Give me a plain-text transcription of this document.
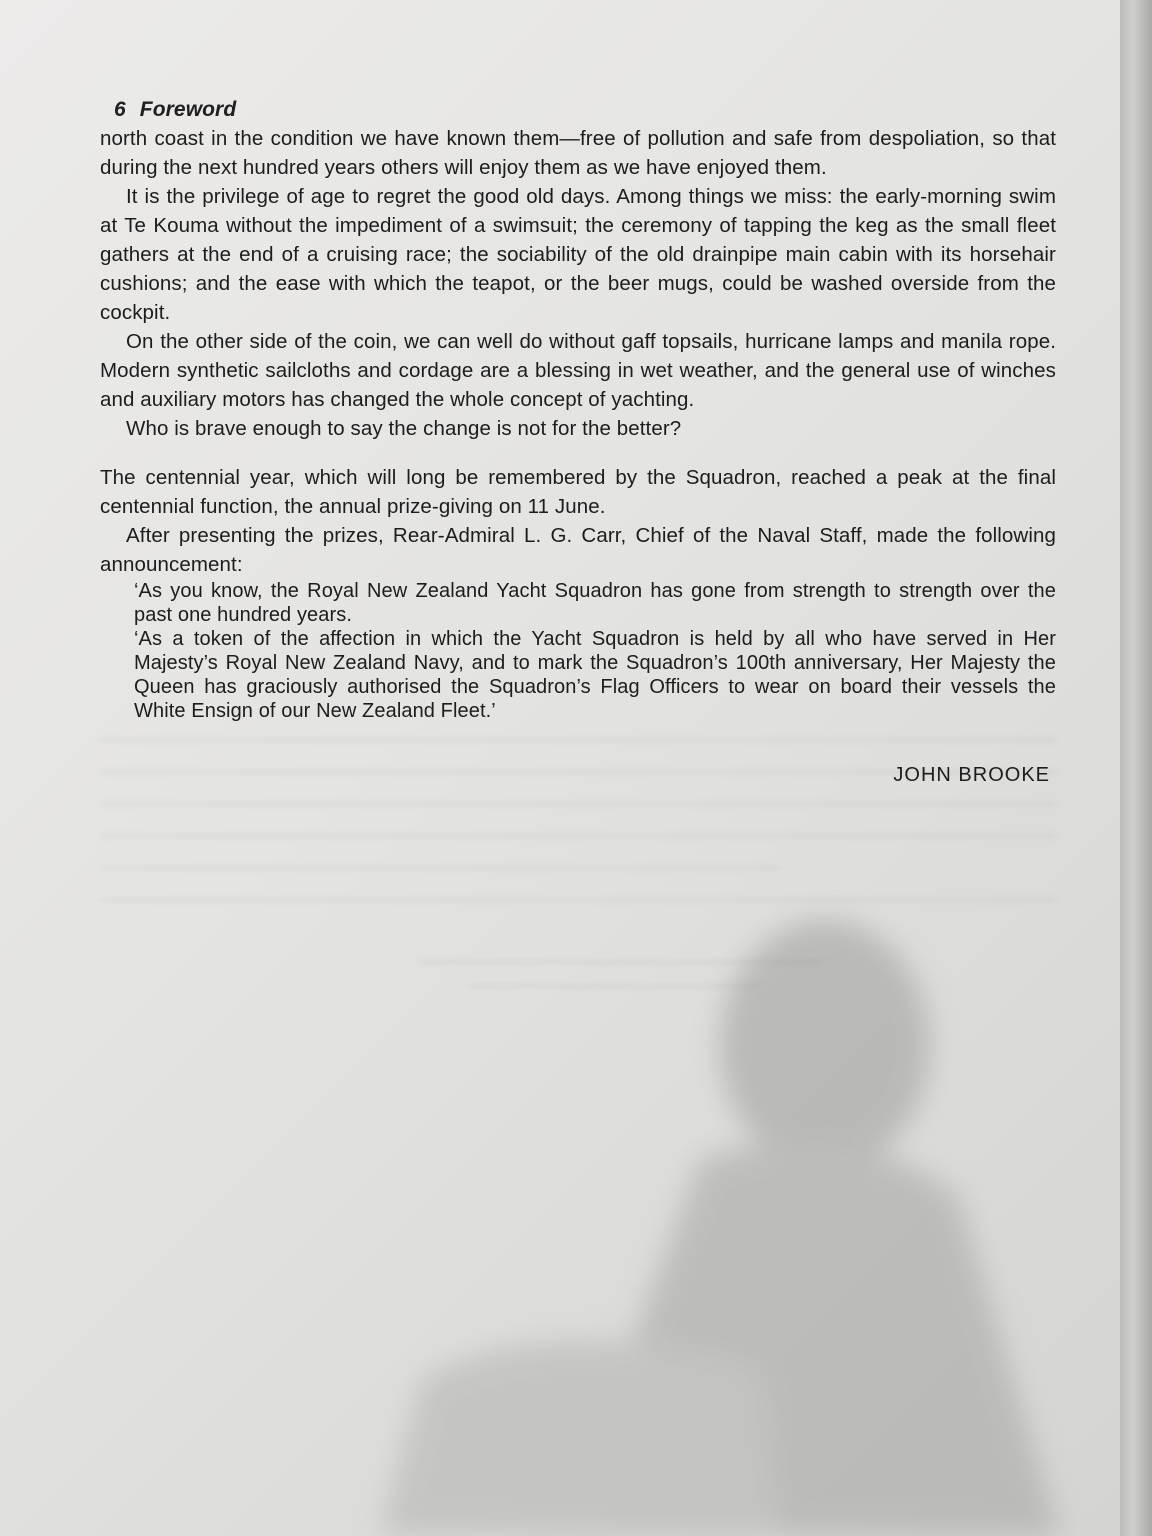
6 Foreword

north coast in the condition we have known them—free of pollution and safe from despoliation, so that during the next hundred years others will enjoy them as we have enjoyed them.

It is the privilege of age to regret the good old days. Among things we miss: the early-morning swim at Te Kouma without the impediment of a swimsuit; the ceremony of tapping the keg as the small fleet gathers at the end of a cruising race; the sociability of the old drainpipe main cabin with its horsehair cushions; and the ease with which the teapot, or the beer mugs, could be washed overside from the cockpit.

On the other side of the coin, we can well do without gaff topsails, hurricane lamps and manila rope. Modern synthetic sailcloths and cordage are a blessing in wet weather, and the general use of winches and auxiliary motors has changed the whole concept of yachting.

Who is brave enough to say the change is not for the better?

The centennial year, which will long be remembered by the Squadron, reached a peak at the final centennial function, the annual prize-giving on 11 June.

After presenting the prizes, Rear-Admiral L. G. Carr, Chief of the Naval Staff, made the following announcement:

‘As you know, the Royal New Zealand Yacht Squadron has gone from strength to strength over the past one hundred years.

‘As a token of the affection in which the Yacht Squadron is held by all who have served in Her Majesty’s Royal New Zealand Navy, and to mark the Squadron’s 100th anniversary, Her Majesty the Queen has graciously authorised the Squadron’s Flag Officers to wear on board their vessels the White Ensign of our New Zealand Fleet.’

JOHN BROOKE
